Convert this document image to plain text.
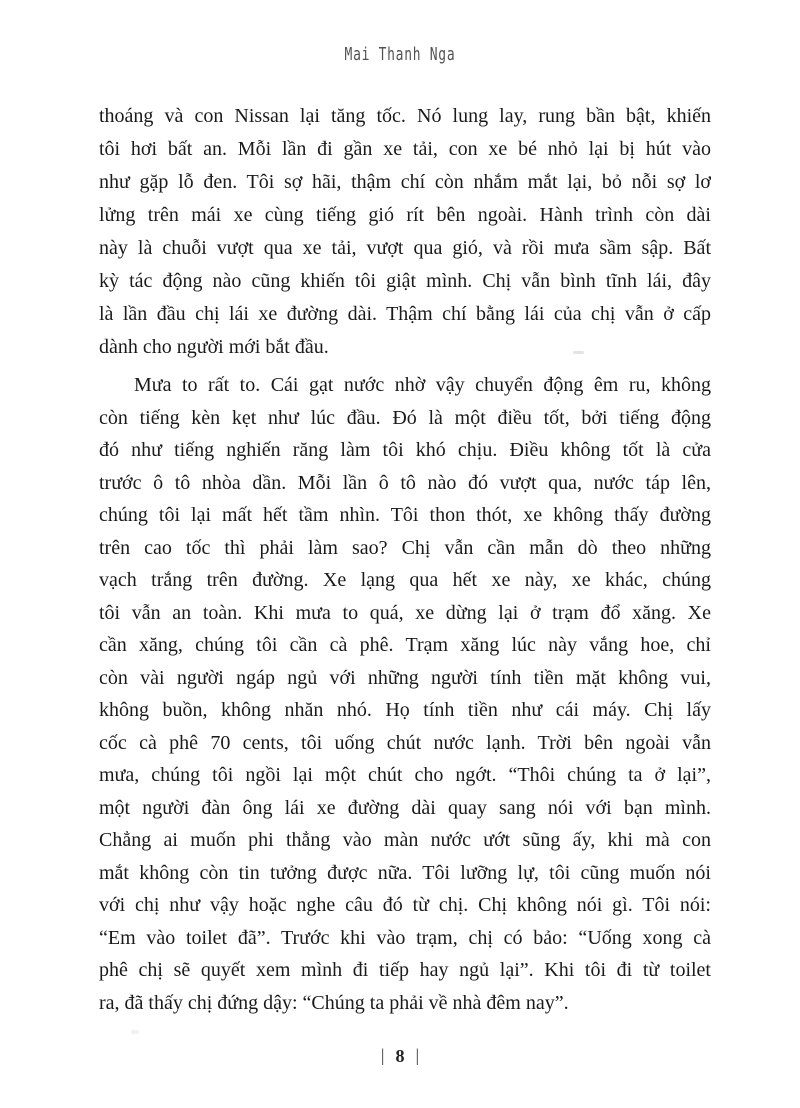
Mai Thanh Nga
thoáng và con Nissan lại tăng tốc. Nó lung lay, rung bần bật, khiến
tôi hơi bất an. Mỗi lần đi gần xe tải, con xe bé nhỏ lại bị hút vào
như gặp lỗ đen. Tôi sợ hãi, thậm chí còn nhắm mắt lại, bỏ nỗi sợ lơ
lửng trên mái xe cùng tiếng gió rít bên ngoài. Hành trình còn dài
này là chuỗi vượt qua xe tải, vượt qua gió, và rồi mưa sầm sập. Bất
kỳ tác động nào cũng khiến tôi giật mình. Chị vẫn bình tĩnh lái, đây
là lần đầu chị lái xe đường dài. Thậm chí bằng lái của chị vẫn ở cấp
dành cho người mới bắt đầu.
Mưa to rất to. Cái gạt nước nhờ vậy chuyển động êm ru, không
còn tiếng kèn kẹt như lúc đầu. Đó là một điều tốt, bởi tiếng động
đó như tiếng nghiến răng làm tôi khó chịu. Điều không tốt là cửa
trước ô tô nhòa dần. Mỗi lần ô tô nào đó vượt qua, nước táp lên,
chúng tôi lại mất hết tầm nhìn. Tôi thon thót, xe không thấy đường
trên cao tốc thì phải làm sao? Chị vẫn cần mẫn dò theo những
vạch trắng trên đường. Xe lạng qua hết xe này, xe khác, chúng
tôi vẫn an toàn. Khi mưa to quá, xe dừng lại ở trạm đổ xăng. Xe
cần xăng, chúng tôi cần cà phê. Trạm xăng lúc này vắng hoe, chỉ
còn vài người ngáp ngủ với những người tính tiền mặt không vui,
không buồn, không nhăn nhó. Họ tính tiền như cái máy. Chị lấy
cốc cà phê 70 cents, tôi uống chút nước lạnh. Trời bên ngoài vẫn
mưa, chúng tôi ngồi lại một chút cho ngớt. “Thôi chúng ta ở lại”,
một người đàn ông lái xe đường dài quay sang nói với bạn mình.
Chẳng ai muốn phi thẳng vào màn nước ướt sũng ấy, khi mà con
mắt không còn tin tưởng được nữa. Tôi lưỡng lự, tôi cũng muốn nói
với chị như vậy hoặc nghe câu đó từ chị. Chị không nói gì. Tôi nói:
“Em vào toilet đã”. Trước khi vào trạm, chị có bảo: “Uống xong cà
phê chị sẽ quyết xem mình đi tiếp hay ngủ lại”. Khi tôi đi từ toilet
ra, đã thấy chị đứng dậy: “Chúng ta phải về nhà đêm nay”.
| 8 |
